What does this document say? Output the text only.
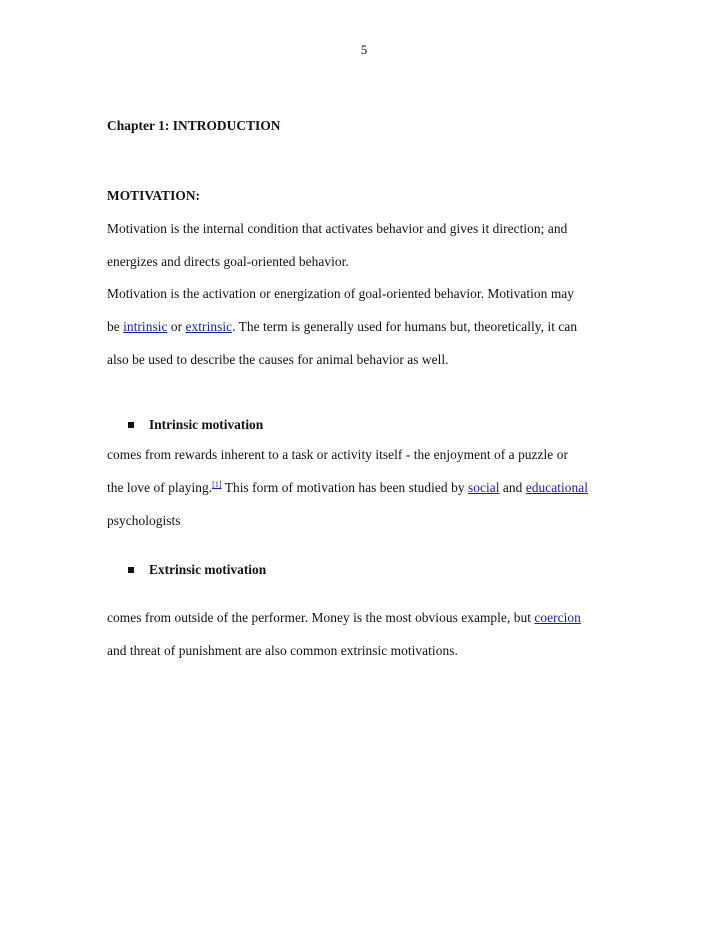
5
Chapter 1: INTRODUCTION
MOTIVATION:
Motivation is the internal condition that activates behavior and gives it direction; and
energizes and directs goal-oriented behavior.
Motivation is the activation or energization of goal-oriented behavior. Motivation may
be intrinsic or extrinsic. The term is generally used for humans but, theoretically, it can
also be used to describe the causes for animal behavior as well.
Intrinsic motivation
comes from rewards inherent to a task or activity itself - the enjoyment of a puzzle or
the love of playing.[1] This form of motivation has been studied by social and educational
psychologists
Extrinsic motivation
comes from outside of the performer. Money is the most obvious example, but coercion
and threat of punishment are also common extrinsic motivations.
